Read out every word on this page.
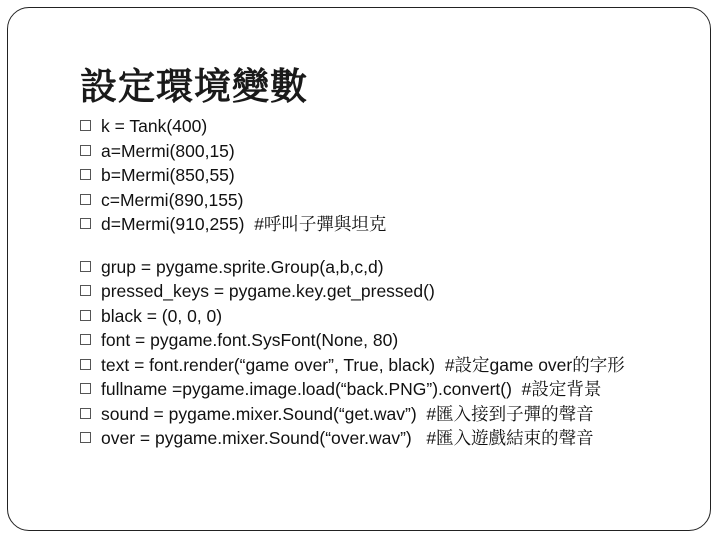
設定環境變數
k = Tank(400)
a=Mermi(800,15)
b=Mermi(850,55)
c=Mermi(890,155)
d=Mermi(910,255)  #呼叫子彈與坦克
grup = pygame.sprite.Group(a,b,c,d)
pressed_keys = pygame.key.get_pressed()
black = (0, 0, 0)
font = pygame.font.SysFont(None, 80)
text = font.render(“game over”, True, black)  #設定game over的字形
fullname =pygame.image.load(“back.PNG”).convert()  #設定背景
sound = pygame.mixer.Sound(“get.wav”)  #匯入接到子彈的聲音
over = pygame.mixer.Sound(“over.wav”)   #匯入遊戲結束的聲音
